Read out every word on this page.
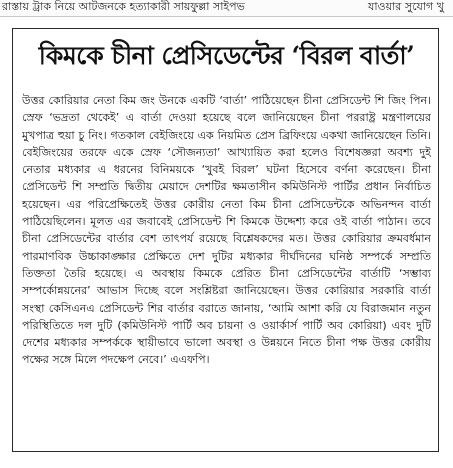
রাস্তায় ট্রাক নিয়ে আটজনকে হত্যাকারী সায়ফুল্লা সাইপভ	যাওয়ার সুযোগ খু
কিমকে চীনা প্রেসিডেন্টের ‘বিরল বার্তা’

উত্তর কোরিয়ার নেতা কিম জং উনকে একটি ‘বার্তা’ পাঠিয়েছেন চীনা প্রেসিডেন্ট শি জিং পিন। স্রেফ ‘ভদ্রতা থেকেই’ এ বার্তা দেওয়া হয়েছে বলে জানিয়েছেন চীনা পররাষ্ট্র মন্ত্রণালয়ের মুখপাত্র হুয়া চু নিং। গতকাল বেইজিংয়ে এক নিয়মিত প্রেস ব্রিফিংয়ে একথা জানিয়েছেন তিনি। বেইজিংয়ের তরফে একে স্রেফ ‘সৌজন্যতা’ আখ্যায়িত করা হলেও বিশেষজ্ঞরা অবশ্য দুই নেতার মধ্যকার এ ধরনের বিনিময়কে ‘খুবই বিরল’ ঘটনা হিসেবে বর্ণনা করেছেন। চীনা প্রেসিডেন্ট শি সম্প্রতি দ্বিতীয় মেয়াদে দেশটির ক্ষমতাসীন কমিউনিস্ট পার্টির প্রধান নির্বাচিত হয়েছেন। এর পরিপ্রেক্ষিতেই উত্তর কোরীয় নেতা কিম চীনা প্রেসিডেন্টকে অভিনন্দন বার্তা পাঠিয়েছিলেন। মূলত এর জবাবেই প্রেসিডেন্ট শি কিমকে উদ্দেশ্য করে ওই বার্তা পাঠান। তবে চীনা প্রেসিডেন্টের বার্তার বেশ তাৎপর্য রয়েছে বিশ্লেষকদের মত। উত্তর কোরিয়ার ক্রমবর্ধমান পারমাণবিক উচ্চাকাঙ্ক্ষার প্রেক্ষিতে দেশ দুটির মধ্যকার দীর্ঘদিনের ঘনিষ্ঠ সম্পর্কে সম্প্রতি তিক্ততা তৈরি হয়েছে। এ অবস্থায় কিমকে প্রেরিত চীনা প্রেসিডেন্টের বার্তাটি ‘সম্ভাব্য সম্পর্কোন্নয়নের’ আভাস দিচ্ছে বলে সংশ্লিষ্টরা জানিয়েছেন। উত্তর কোরিয়ার সরকারি বার্তা সংস্থা কেসিএনএ প্রেসিডেন্ট শির বার্তার বরাতে জানায়, ‘আমি আশা করি যে বিরাজমান নতুন পরিস্থিতিতে দল দুটি (কমিউনিস্ট পার্টি অব চায়না ও ওয়ার্কার্স পার্টি অব কোরিয়া) এবং দুটি দেশের মধ্যকার সম্পর্ককে স্থায়ীভাবে ভালো অবস্থা ও উন্নয়নে নিতে চীনা পক্ষ উত্তর কোরীয় পক্ষের সঙ্গে মিলে পদক্ষেপ নেবে।’ এএফপি।
